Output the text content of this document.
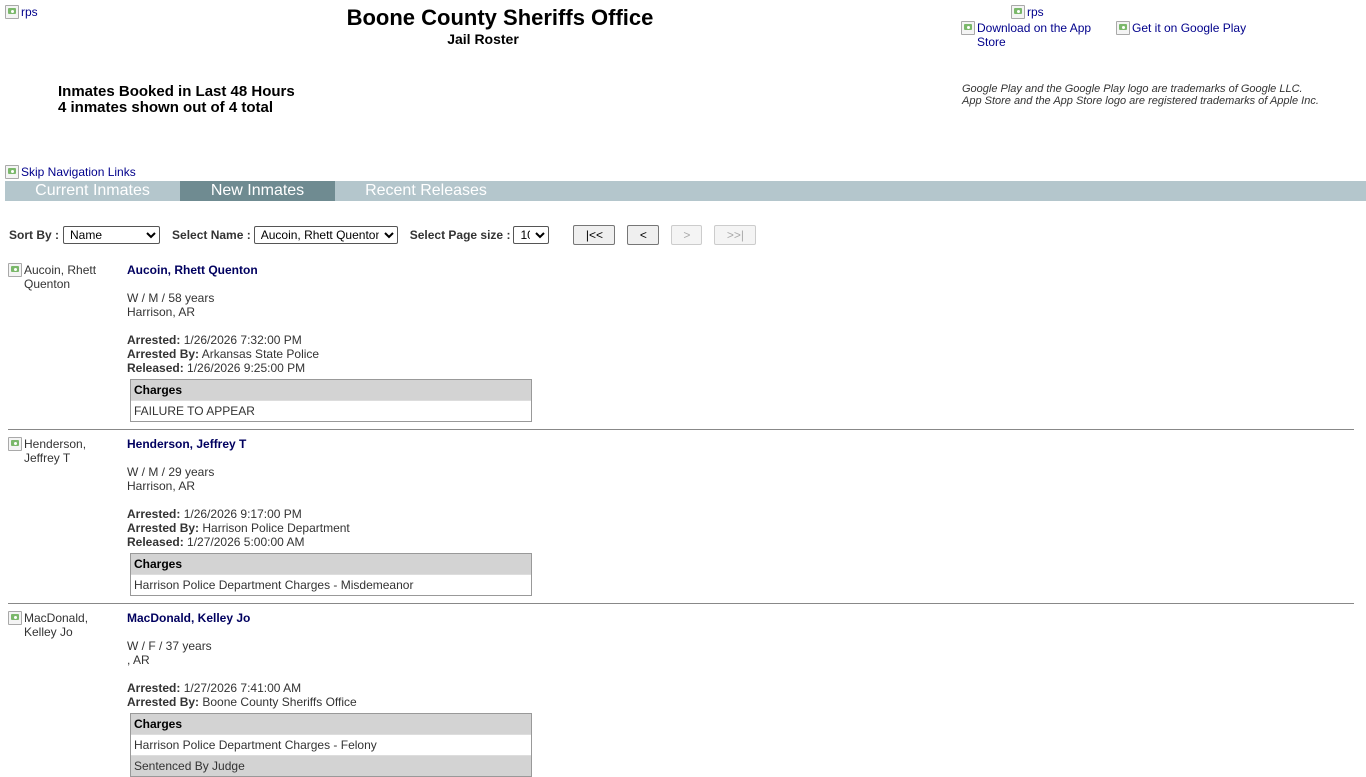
rps	Boone County Sheriffs Office
Jail Roster
rps
Download on the App Store
Get it on Google Play
Inmates Booked in Last 48 Hours
4 inmates shown out of 4 total
Google Play and the Google Play logo are trademarks of Google LLC.
App Store and the App Store logo are registered trademarks of Apple Inc.
Skip Navigation Links
Current Inmates	New Inmates	Recent Releases
Sort By :
Name	Select Name :
Aucoin, Rhett Quenton	Select Page size :
10	|<<	<	>	>>|
Aucoin, Rhett
Quenton
Aucoin, Rhett Quenton
W / M / 58 years
Harrison, AR
Arrested: 1/26/2026 7:32:00 PM
Arrested By: Arkansas State Police
Released: 1/26/2026 9:25:00 PM
Charges
FAILURE TO APPEAR
Henderson,
Jeffrey T
Henderson, Jeffrey T
W / M / 29 years
Harrison, AR
Arrested: 1/26/2026 9:17:00 PM
Arrested By: Harrison Police Department
Released: 1/27/2026 5:00:00 AM
Charges
Harrison Police Department Charges - Misdemeanor
MacDonald,
Kelley Jo
MacDonald, Kelley Jo
W / F / 37 years
, AR
Arrested: 1/27/2026 7:41:00 AM
Arrested By: Boone County Sheriffs Office
Charges
Harrison Police Department Charges - Felony
Sentenced By Judge
